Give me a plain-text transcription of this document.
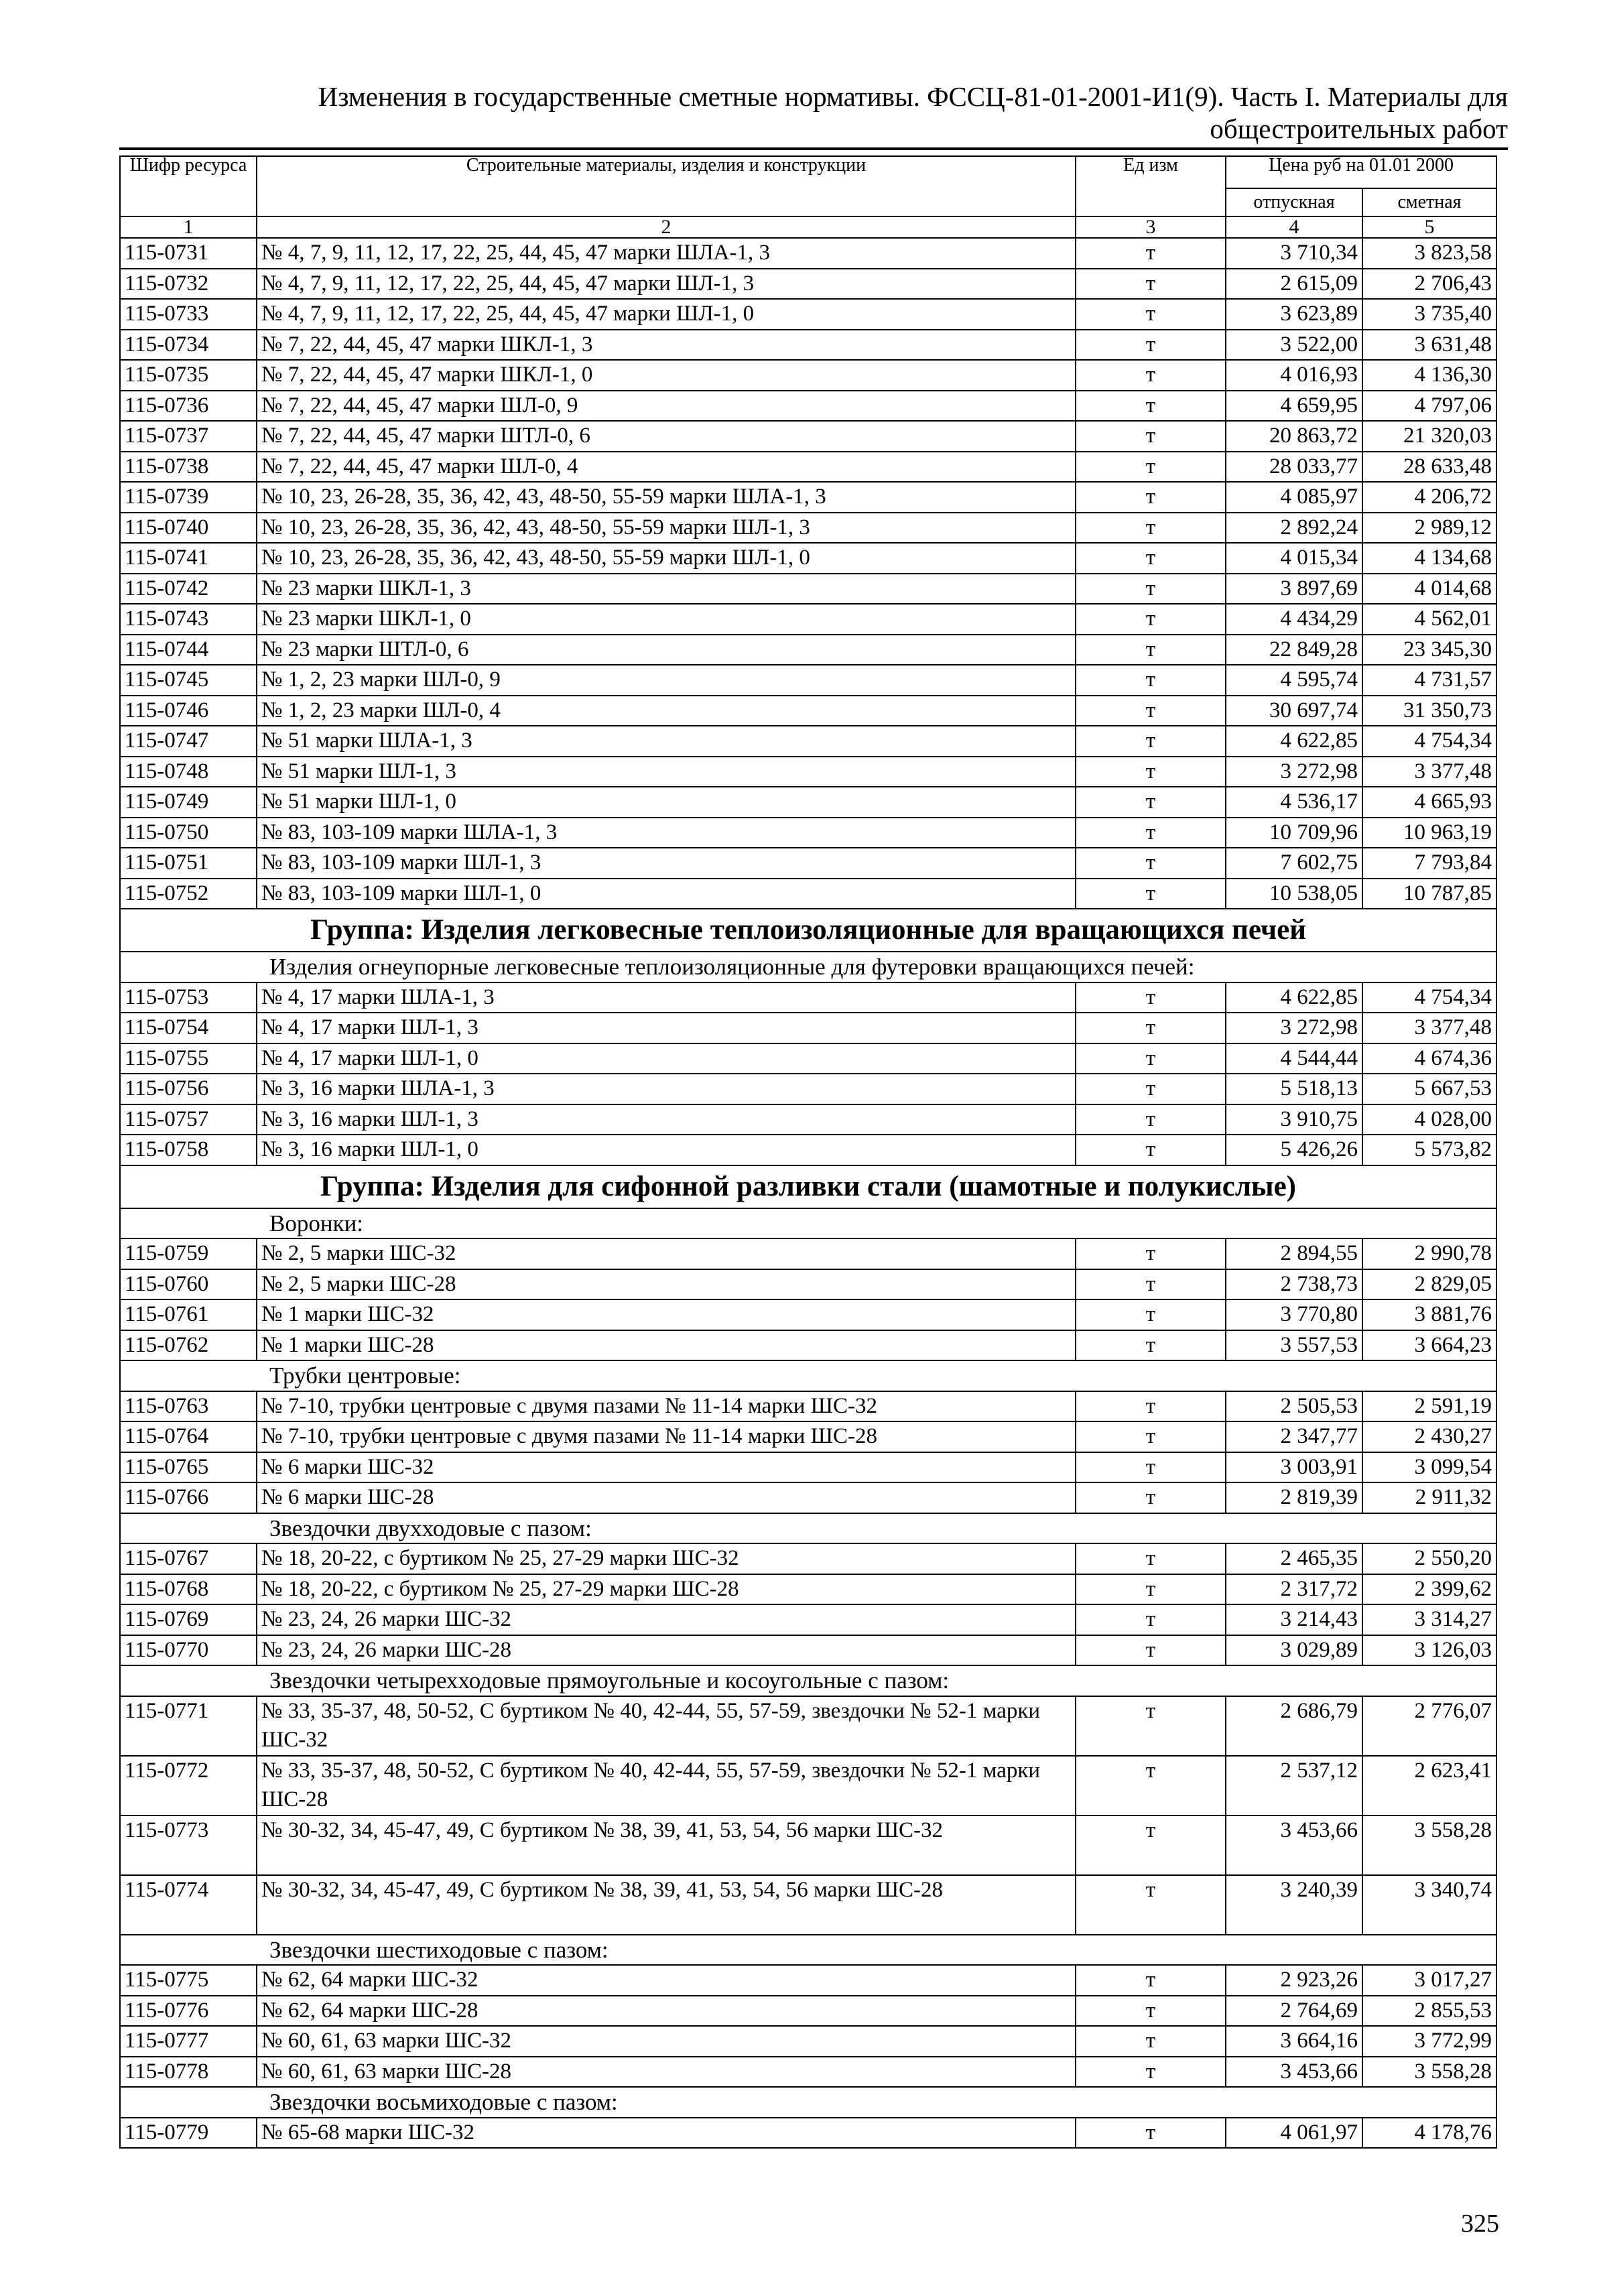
Изменения в государственные сметные нормативы. ФССЦ-81-01-2001-И1(9). Часть I. Материалы для общестроительных работ
Шифр ресурса	Строительные материалы, изделия и конструкции	Ед изм	Цена руб на 01.01 2000	
			отпускная	сметная
1	2	3	4	5
115-0731	№ 4, 7, 9, 11, 12, 17, 22, 25, 44, 45, 47 марки ШЛА-1, 3	т	3 710,34	3 823,58
115-0732	№ 4, 7, 9, 11, 12, 17, 22, 25, 44, 45, 47 марки ШЛ-1, 3	т	2 615,09	2 706,43
115-0733	№ 4, 7, 9, 11, 12, 17, 22, 25, 44, 45, 47 марки ШЛ-1, 0	т	3 623,89	3 735,40
115-0734	№ 7, 22, 44, 45, 47 марки ШКЛ-1, 3	т	3 522,00	3 631,48
115-0735	№ 7, 22, 44, 45, 47 марки ШКЛ-1, 0	т	4 016,93	4 136,30
115-0736	№ 7, 22, 44, 45, 47 марки ШЛ-0, 9	т	4 659,95	4 797,06
115-0737	№ 7, 22, 44, 45, 47 марки ШТЛ-0, 6	т	20 863,72	21 320,03
115-0738	№ 7, 22, 44, 45, 47 марки ШЛ-0, 4	т	28 033,77	28 633,48
115-0739	№ 10, 23, 26-28, 35, 36, 42, 43, 48-50, 55-59 марки ШЛА-1, 3	т	4 085,97	4 206,72
115-0740	№ 10, 23, 26-28, 35, 36, 42, 43, 48-50, 55-59 марки ШЛ-1, 3	т	2 892,24	2 989,12
115-0741	№ 10, 23, 26-28, 35, 36, 42, 43, 48-50, 55-59 марки ШЛ-1, 0	т	4 015,34	4 134,68
115-0742	№ 23 марки ШКЛ-1, 3	т	3 897,69	4 014,68
115-0743	№ 23 марки ШКЛ-1, 0	т	4 434,29	4 562,01
115-0744	№ 23 марки ШТЛ-0, 6	т	22 849,28	23 345,30
115-0745	№ 1, 2, 23 марки ШЛ-0, 9	т	4 595,74	4 731,57
115-0746	№ 1, 2, 23 марки ШЛ-0, 4	т	30 697,74	31 350,73
115-0747	№ 51 марки ШЛА-1, 3	т	4 622,85	4 754,34
115-0748	№ 51 марки ШЛ-1, 3	т	3 272,98	3 377,48
115-0749	№ 51 марки ШЛ-1, 0	т	4 536,17	4 665,93
115-0750	№ 83, 103-109 марки ШЛА-1, 3	т	10 709,96	10 963,19
115-0751	№ 83, 103-109 марки ШЛ-1, 3	т	7 602,75	7 793,84
115-0752	№ 83, 103-109 марки ШЛ-1, 0	т	10 538,05	10 787,85
Группа: Изделия легковесные теплоизоляционные для вращающихся печей				
Изделия огнеупорные легковесные теплоизоляционные для футеровки вращающихся печей:				
115-0753	№ 4, 17 марки ШЛА-1, 3	т	4 622,85	4 754,34
115-0754	№ 4, 17 марки ШЛ-1, 3	т	3 272,98	3 377,48
115-0755	№ 4, 17 марки ШЛ-1, 0	т	4 544,44	4 674,36
115-0756	№ 3, 16 марки ШЛА-1, 3	т	5 518,13	5 667,53
115-0757	№ 3, 16 марки ШЛ-1, 3	т	3 910,75	4 028,00
115-0758	№ 3, 16 марки ШЛ-1, 0	т	5 426,26	5 573,82
Группа: Изделия для сифонной разливки стали (шамотные и полукислые)				
Воронки:				
115-0759	№ 2, 5 марки ШС-32	т	2 894,55	2 990,78
115-0760	№ 2, 5 марки ШС-28	т	2 738,73	2 829,05
115-0761	№ 1 марки ШС-32	т	3 770,80	3 881,76
115-0762	№ 1 марки ШС-28	т	3 557,53	3 664,23
Трубки центровые:				
115-0763	№ 7-10, трубки центровые с двумя пазами № 11-14 марки ШС-32	т	2 505,53	2 591,19
115-0764	№ 7-10, трубки центровые с двумя пазами № 11-14 марки ШС-28	т	2 347,77	2 430,27
115-0765	№ 6 марки ШС-32	т	3 003,91	3 099,54
115-0766	№ 6 марки ШС-28	т	2 819,39	2 911,32
Звездочки двухходовые с пазом:				
115-0767	№ 18, 20-22, с буртиком № 25, 27-29 марки ШС-32	т	2 465,35	2 550,20
115-0768	№ 18, 20-22, с буртиком № 25, 27-29 марки ШС-28	т	2 317,72	2 399,62
115-0769	№ 23, 24, 26 марки ШС-32	т	3 214,43	3 314,27
115-0770	№ 23, 24, 26 марки ШС-28	т	3 029,89	3 126,03
Звездочки четырехходовые прямоугольные и косоугольные с пазом:				
115-0771	№ 33, 35-37, 48, 50-52, С буртиком № 40, 42-44, 55, 57-59, звездочки № 52-1 марки ШС-32	т	2 686,79	2 776,07
115-0772	№ 33, 35-37, 48, 50-52, С буртиком № 40, 42-44, 55, 57-59, звездочки № 52-1 марки ШС-28	т	2 537,12	2 623,41
115-0773	№ 30-32, 34, 45-47, 49, С буртиком № 38, 39, 41, 53, 54, 56 марки ШС-32	т	3 453,66	3 558,28
115-0774	№ 30-32, 34, 45-47, 49, С буртиком № 38, 39, 41, 53, 54, 56 марки ШС-28	т	3 240,39	3 340,74
Звездочки шестиходовые с пазом:				
115-0775	№ 62, 64 марки ШС-32	т	2 923,26	3 017,27
115-0776	№ 62, 64 марки ШС-28	т	2 764,69	2 855,53
115-0777	№ 60, 61, 63 марки ШС-32	т	3 664,16	3 772,99
115-0778	№ 60, 61, 63 марки ШС-28	т	3 453,66	3 558,28
Звездочки восьмиходовые с пазом:				
115-0779	№ 65-68 марки ШС-32	т	4 061,97	4 178,76
325
